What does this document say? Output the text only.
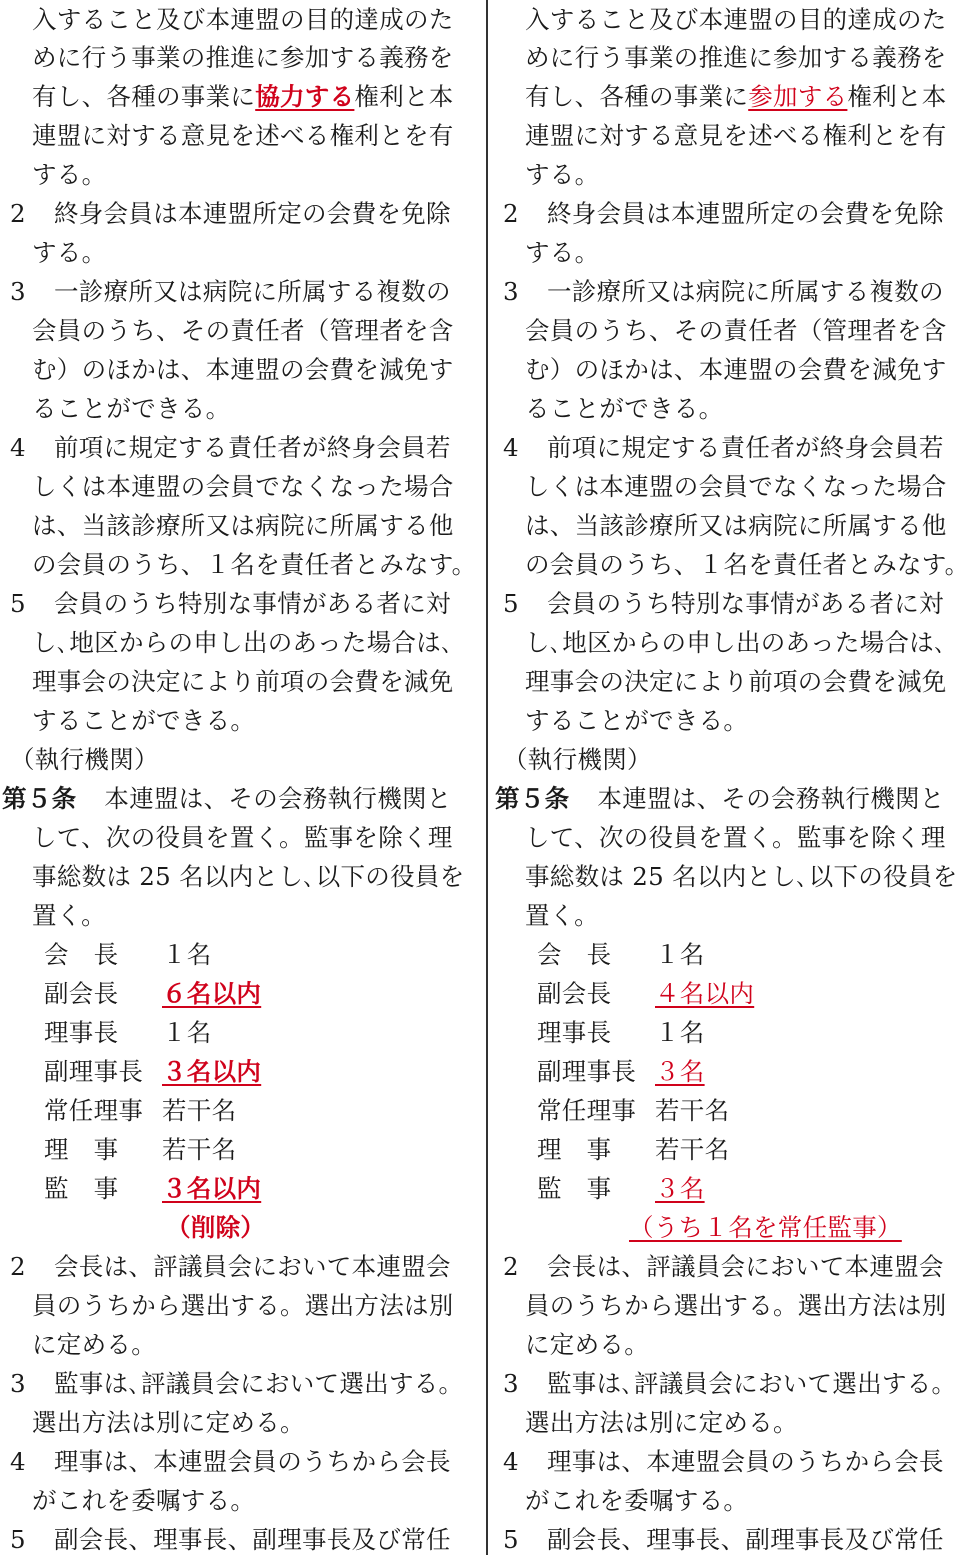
入すること及び本連盟の目的達成のた
めに行う事業の推進に参加する義務を
有し、各種の事業に協力する権利と本
連盟に対する意見を述べる権利とを有
する。
2 終身会員は本連盟所定の会費を免除
する。
3 一診療所又は病院に所属する複数の
会員のうち、その責任者（管理者を含
む）のほかは、本連盟の会費を減免す
ることができる。
4 前項に規定する責任者が終身会員若
しくは本連盟の会員でなくなった場合
は、当該診療所又は病院に所属する他
の会員のうち、１名を責任者とみなす。
5 会員のうち特別な事情がある者に対
し､地区からの申し出のあった場合は､
理事会の決定により前項の会費を減免
することができる。
（執行機関）
第５条 本連盟は、その会務執行機関と
して、次の役員を置く。監事を除く理
事総数は 25 名以内とし､以下の役員を
置く。
会　長 １名
副会長 ６名以内
理事長 １名
副理事長 ３名以内
常任理事 若干名
理　事 若干名
監　事 ３名以内
（削除）
2 会長は、評議員会において本連盟会
員のうちから選出する。選出方法は別
に定める。
3 監事は､評議員会において選出する。
選出方法は別に定める。
4 理事は、本連盟会員のうちから会長
がこれを委嘱する。
5 副会長、理事長、副理事長及び常任
入すること及び本連盟の目的達成のた
めに行う事業の推進に参加する義務を
有し、各種の事業に参加する権利と本
連盟に対する意見を述べる権利とを有
する。
2 終身会員は本連盟所定の会費を免除
する。
3 一診療所又は病院に所属する複数の
会員のうち、その責任者（管理者を含
む）のほかは、本連盟の会費を減免す
ることができる。
4 前項に規定する責任者が終身会員若
しくは本連盟の会員でなくなった場合
は、当該診療所又は病院に所属する他
の会員のうち、１名を責任者とみなす。
5 会員のうち特別な事情がある者に対
し､地区からの申し出のあった場合は､
理事会の決定により前項の会費を減免
することができる。
（執行機関）
第５条 本連盟は、その会務執行機関と
して、次の役員を置く。監事を除く理
事総数は 25 名以内とし､以下の役員を
置く。
会　長 １名
副会長 ４名以内
理事長 １名
副理事長 ３名
常任理事 若干名
理　事 若干名
監　事 ３名
（うち１名を常任監事）
2 会長は、評議員会において本連盟会
員のうちから選出する。選出方法は別
に定める。
3 監事は､評議員会において選出する。
選出方法は別に定める。
4 理事は、本連盟会員のうちから会長
がこれを委嘱する。
5 副会長、理事長、副理事長及び常任
